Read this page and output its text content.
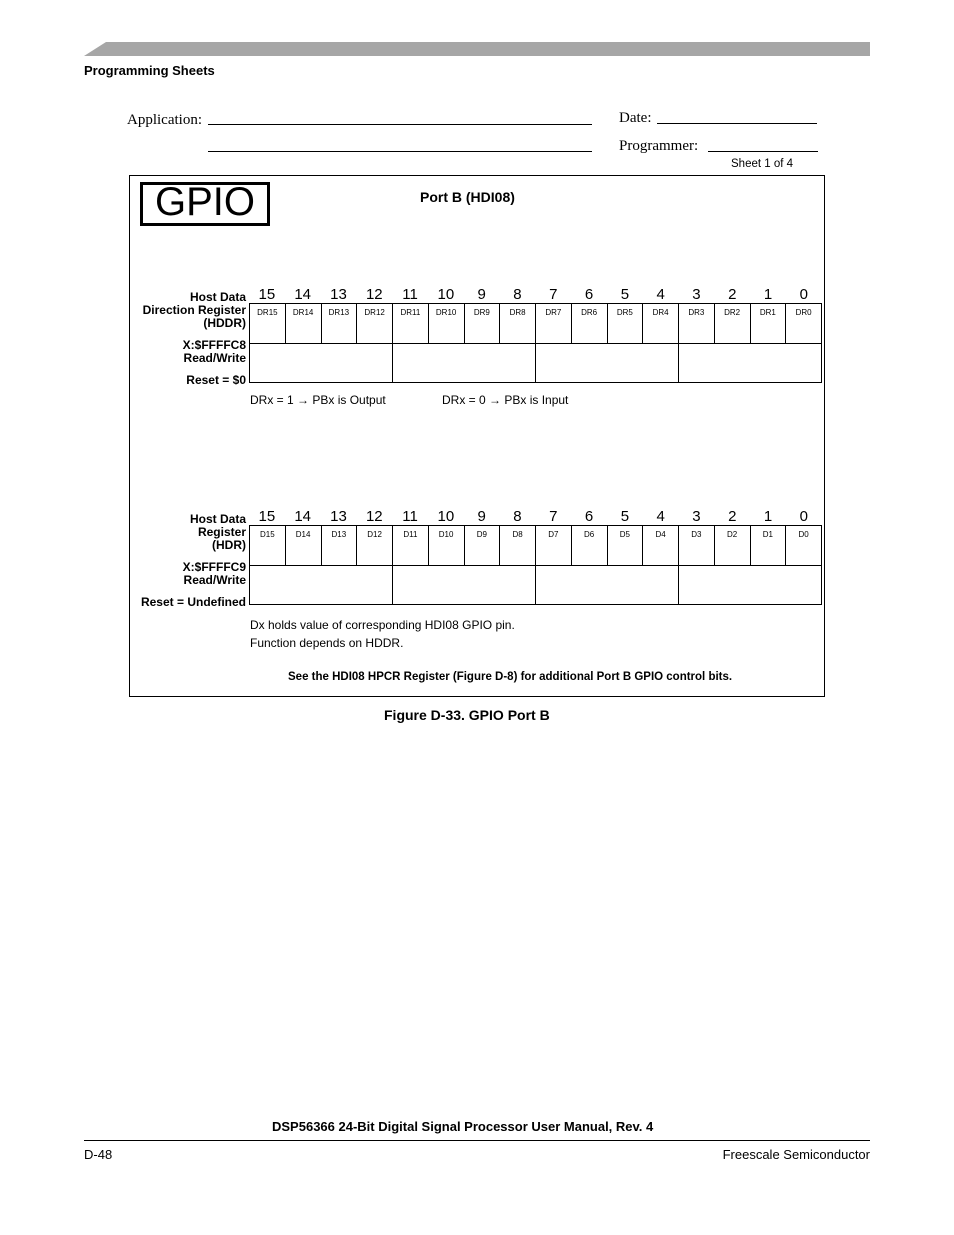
Programming Sheets
Application:	Date:
Programmer:
Sheet 1 of 4
GPIO	Port B (HDI08)
Host Data
Direction Register
(HDDR)
X:$FFFFC8
Read/Write
Reset = $0
15	14	13	12	11	10	9	8	7	6	5	4	3	2	1	0
DR15	DR14	DR13	DR12	DR11	DR10	DR9	DR8	DR7	DR6	DR5	DR4	DR3	DR2	DR1	DR0
DRx = 1 → PBx is Output	DRx = 0 → PBx is Input
Host Data
Register
(HDR)
X:$FFFFC9
Read/Write
Reset = Undefined
15	14	13	12	11	10	9	8	7	6	5	4	3	2	1	0
D15	D14	D13	D12	D11	D10	D9	D8	D7	D6	D5	D4	D3	D2	D1	D0
Dx holds value of corresponding HDI08 GPIO pin.
Function depends on HDDR.
See the HDI08 HPCR Register (Figure D-8) for additional Port B GPIO control bits.
Figure D-33. GPIO Port B
DSP56366 24-Bit Digital Signal Processor User Manual, Rev. 4
D-48	Freescale Semiconductor
